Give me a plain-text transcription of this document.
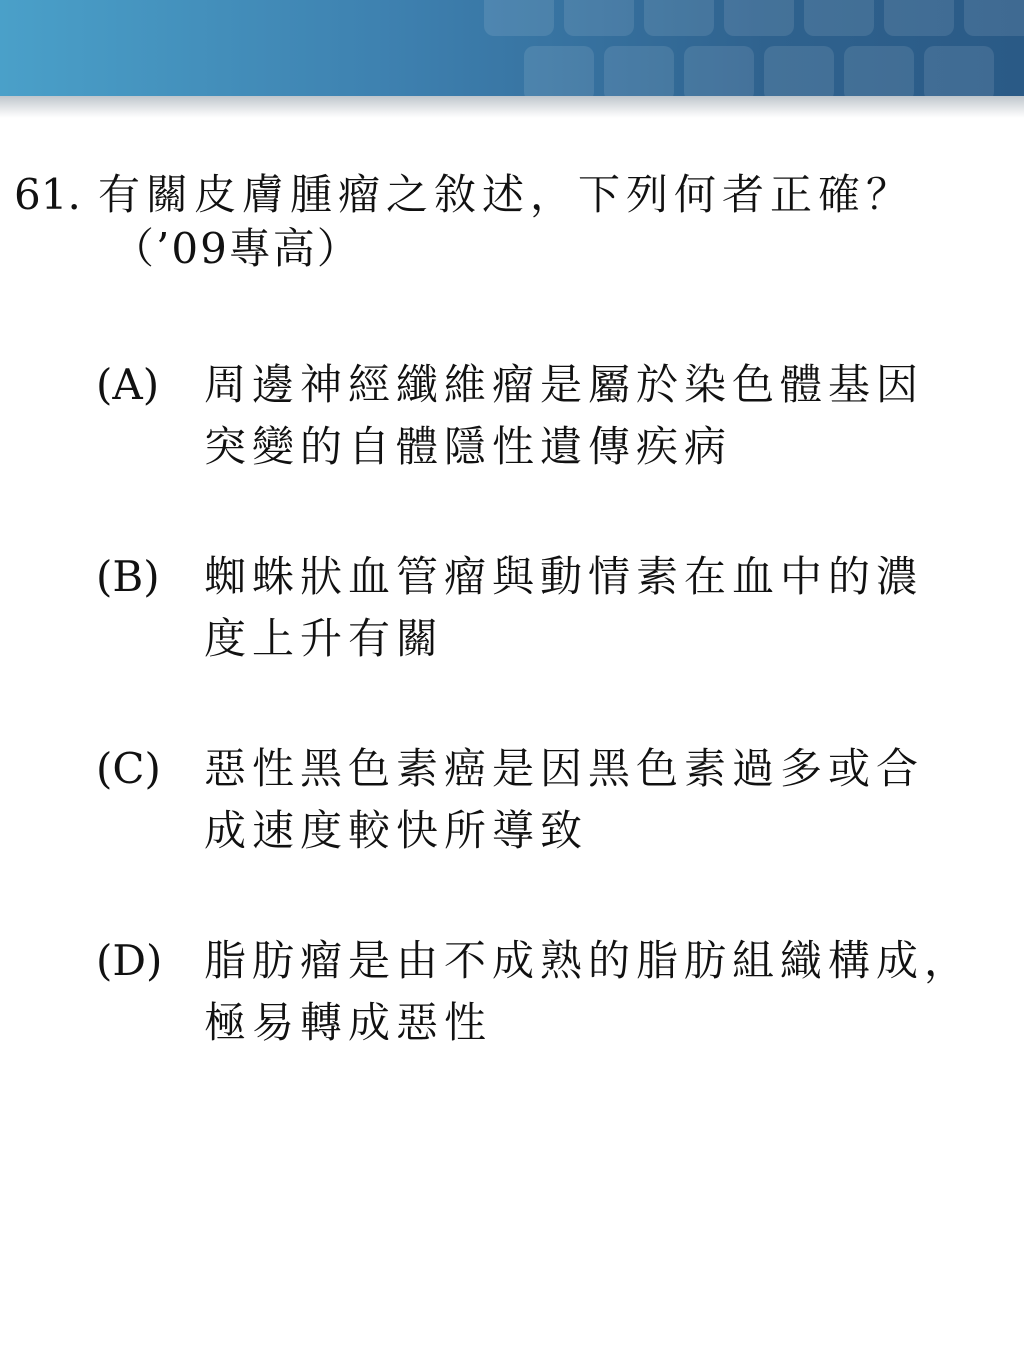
61. 有關皮膚腫瘤之敘述，下列何者正確？
（’09專高）
(A) 周邊神經纖維瘤是屬於染色體基因
突變的自體隱性遺傳疾病
(B) 蜘蛛狀血管瘤與動情素在血中的濃
度上升有關
(C) 惡性黑色素癌是因黑色素過多或合
成速度較快所導致
(D) 脂肪瘤是由不成熟的脂肪組織構成，
極易轉成惡性
